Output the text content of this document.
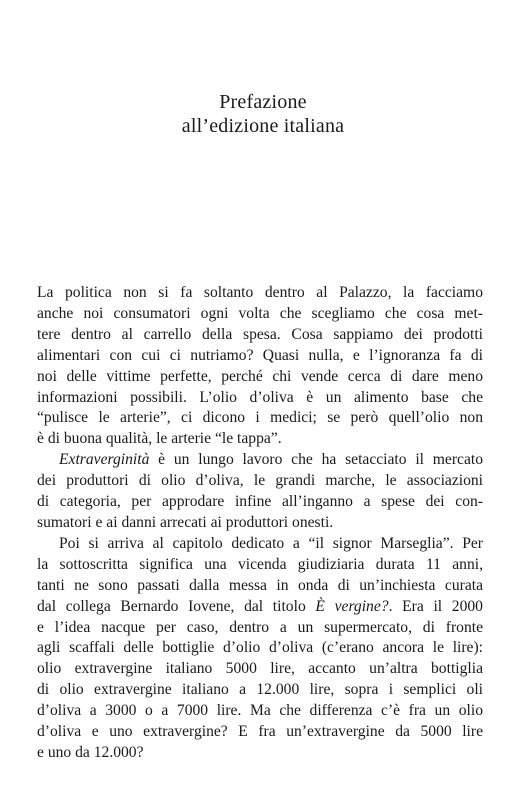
Prefazione
all’edizione italiana
La politica non si fa soltanto dentro al Palazzo, la facciamo
anche noi consumatori ogni volta che scegliamo che cosa met-
tere dentro al carrello della spesa. Cosa sappiamo dei prodotti
alimentari con cui ci nutriamo? Quasi nulla, e l’ignoranza fa di
noi delle vittime perfette, perché chi vende cerca di dare meno
informazioni possibili. L’olio d’oliva è un alimento base che
“pulisce le arterie”, ci dicono i medici; se però quell’olio non
è di buona qualità, le arterie “le tappa”.
Extraverginità è un lungo lavoro che ha setacciato il mercato
dei produttori di olio d’oliva, le grandi marche, le associazioni
di categoria, per approdare infine all’inganno a spese dei con-
sumatori e ai danni arrecati ai produttori onesti.
Poi si arriva al capitolo dedicato a “il signor Marseglia”. Per
la sottoscritta significa una vicenda giudiziaria durata 11 anni,
tanti ne sono passati dalla messa in onda di un’inchiesta curata
dal collega Bernardo Iovene, dal titolo È vergine?. Era il 2000
e l’idea nacque per caso, dentro a un supermercato, di fronte
agli scaffali delle bottiglie d’olio d’oliva (c’erano ancora le lire):
olio extravergine italiano 5000 lire, accanto un’altra bottiglia
di olio extravergine italiano a 12.000 lire, sopra i semplici oli
d’oliva a 3000 o a 7000 lire. Ma che differenza c’è fra un olio
d’oliva e uno extravergine? E fra un’extravergine da 5000 lire
e uno da 12.000?
